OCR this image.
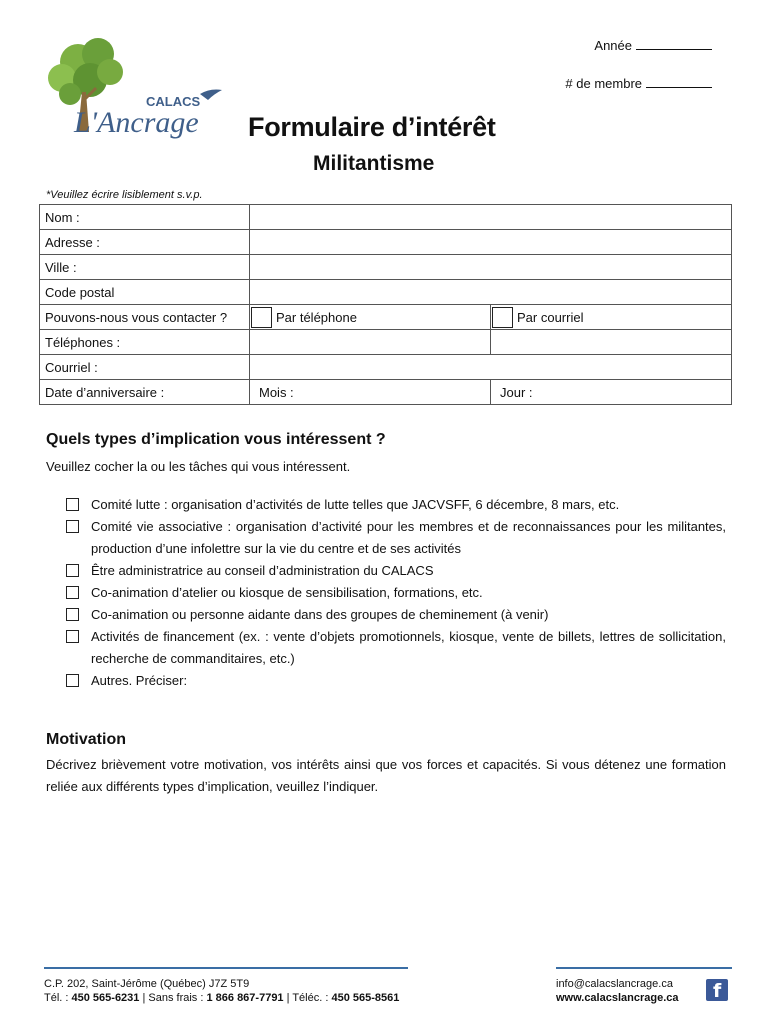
CALACS
L'Ancrage
Année
# de membre
Formulaire d’intérêt
Militantisme
*Veuillez écrire lisiblement s.v.p.
Nom :		
Adresse :		
Ville :		
Code postal		
Pouvons-nous vous contacter ?	Par téléphone	Par courriel

Téléphones :		
Courriel :		
Date d’anniversaire :	Mois :	Jour :
Quels types d’implication vous intéressent ?
Veuillez cocher la ou les tâches qui vous intéressent.
Comité lutte : organisation d’activités de lutte telles que JACVSFF, 6 décembre, 8 mars, etc.
Comité vie associative : organisation d’activité pour les membres et de reconnaissances pour les militantes, production d’une infolettre sur la vie du centre et de ses activités
Être administratrice au conseil d’administration du CALACS
Co-animation d’atelier ou kiosque de sensibilisation, formations, etc.
Co-animation ou personne aidante dans des groupes de cheminement (à venir)
Activités de financement (ex. : vente d’objets promotionnels, kiosque, vente de billets, lettres de sollicitation, recherche de commanditaires, etc.)
Autres. Préciser:
Motivation
Décrivez brièvement votre motivation, vos intérêts ainsi que vos forces et capacités. Si vous détenez une formation reliée aux différents types d’implication, veuillez l’indiquer.
C.P. 202, Saint-Jérôme (Québec) J7Z 5T9
Tél. : 450 565-6231 | Sans frais : 1 866 867-7791 | Téléc. : 450 565-8561
info@calacslancrage.ca
www.calacslancrage.ca f
